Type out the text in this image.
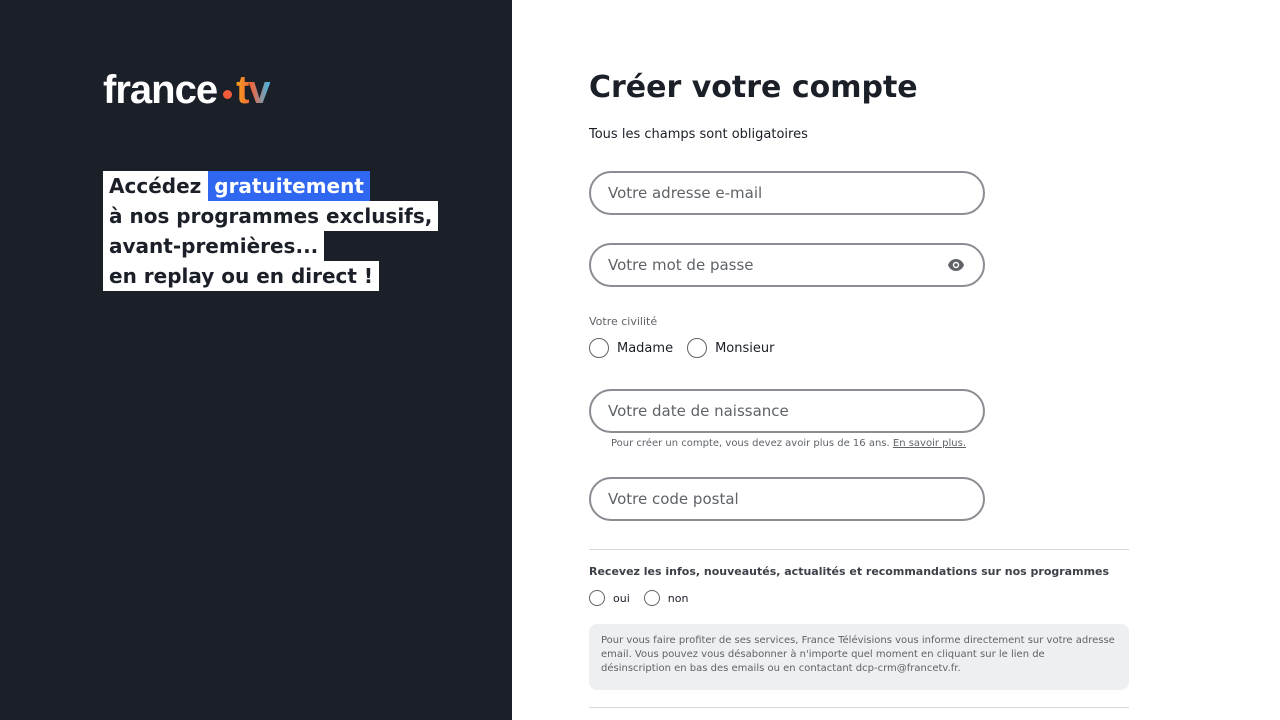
france tv
Accédez gratuitement
à nos programmes exclusifs,
avant-premières...
en replay ou en direct !
Créer votre compte
Tous les champs sont obligatoires
Votre adresse e-mail
Votre civilité
Madame	Monsieur
Votre date de naissance
Pour créer un compte, vous devez avoir plus de 16 ans. En savoir plus.
Votre code postal
Recevez les infos, nouveautés, actualités et recommandations sur nos programmes
oui	non
Pour vous faire profiter de ses services, France Télévisions vous informe directement sur votre adresse email. Vous pouvez vous désabonner à n'importe quel moment en cliquant sur le lien de désinscription en bas des emails ou en contactant dcp-crm@francetv.fr.
